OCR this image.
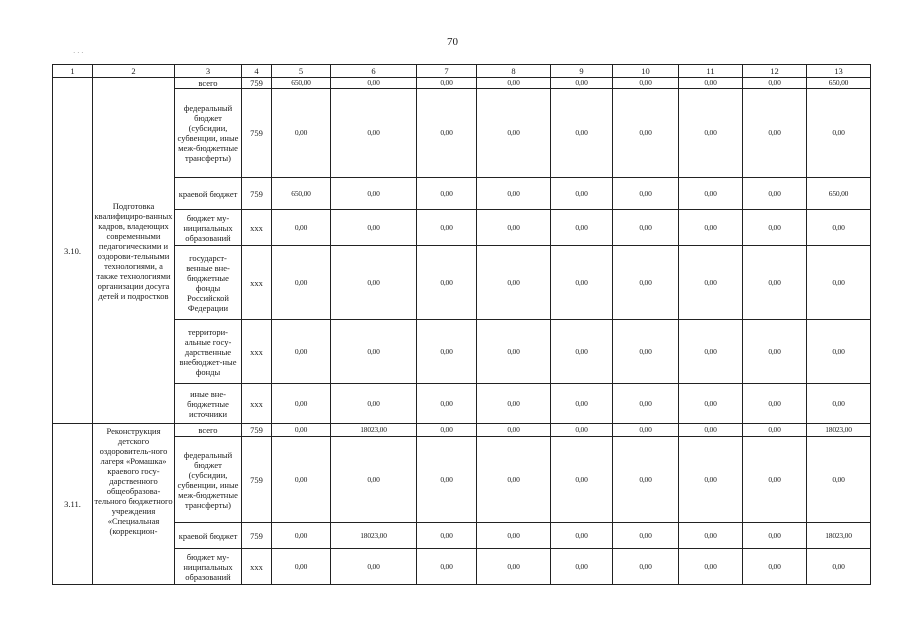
70
· · ·
1	2	3	4	5	6	7	8	9	10	11	12	13
3.10.	Подготовка квалифициро-ванных кадров, владеющих современными педагогическими и оздорови-тельными технологиями, а также технологиями организации досуга детей и подростков	всего	759	650,00	0,00	0,00	0,00	0,00	0,00	0,00	0,00	650,00
		федеральный бюджет (субсидии, субвенции, иные меж-бюджетные трансферты)	759	0,00	0,00	0,00	0,00	0,00	0,00	0,00	0,00	0,00
		краевой бюджет	759	650,00	0,00	0,00	0,00	0,00	0,00	0,00	0,00	650,00
		бюджет му-ниципальных образований	ххх	0,00	0,00	0,00	0,00	0,00	0,00	0,00	0,00	0,00
		государст-венные вне-бюджетные фонды Российской Федерации	ххх	0,00	0,00	0,00	0,00	0,00	0,00	0,00	0,00	0,00
		территори-альные госу-дарственные внебюджет-ные фонды	ххх	0,00	0,00	0,00	0,00	0,00	0,00	0,00	0,00	0,00
		иные вне-бюджетные источники	ххх	0,00	0,00	0,00	0,00	0,00	0,00	0,00	0,00	0,00
3.11.	Реконструкция детского оздоровитель-ного лагеря «Ромашка» краевого госу-дарственного общеобразова-тельного бюджетного учреждения «Специальная (коррекцион-	всего	759	0,00	18023,00	0,00	0,00	0,00	0,00	0,00	0,00	18023,00
		федеральный бюджет (субсидии, субвенции, иные меж-бюджетные трансферты)	759	0,00	0,00	0,00	0,00	0,00	0,00	0,00	0,00	0,00
		краевой бюджет	759	0,00	18023,00	0,00	0,00	0,00	0,00	0,00	0,00	18023,00
		бюджет му-ниципальных образований	ххх	0,00	0,00	0,00	0,00	0,00	0,00	0,00	0,00	0,00
